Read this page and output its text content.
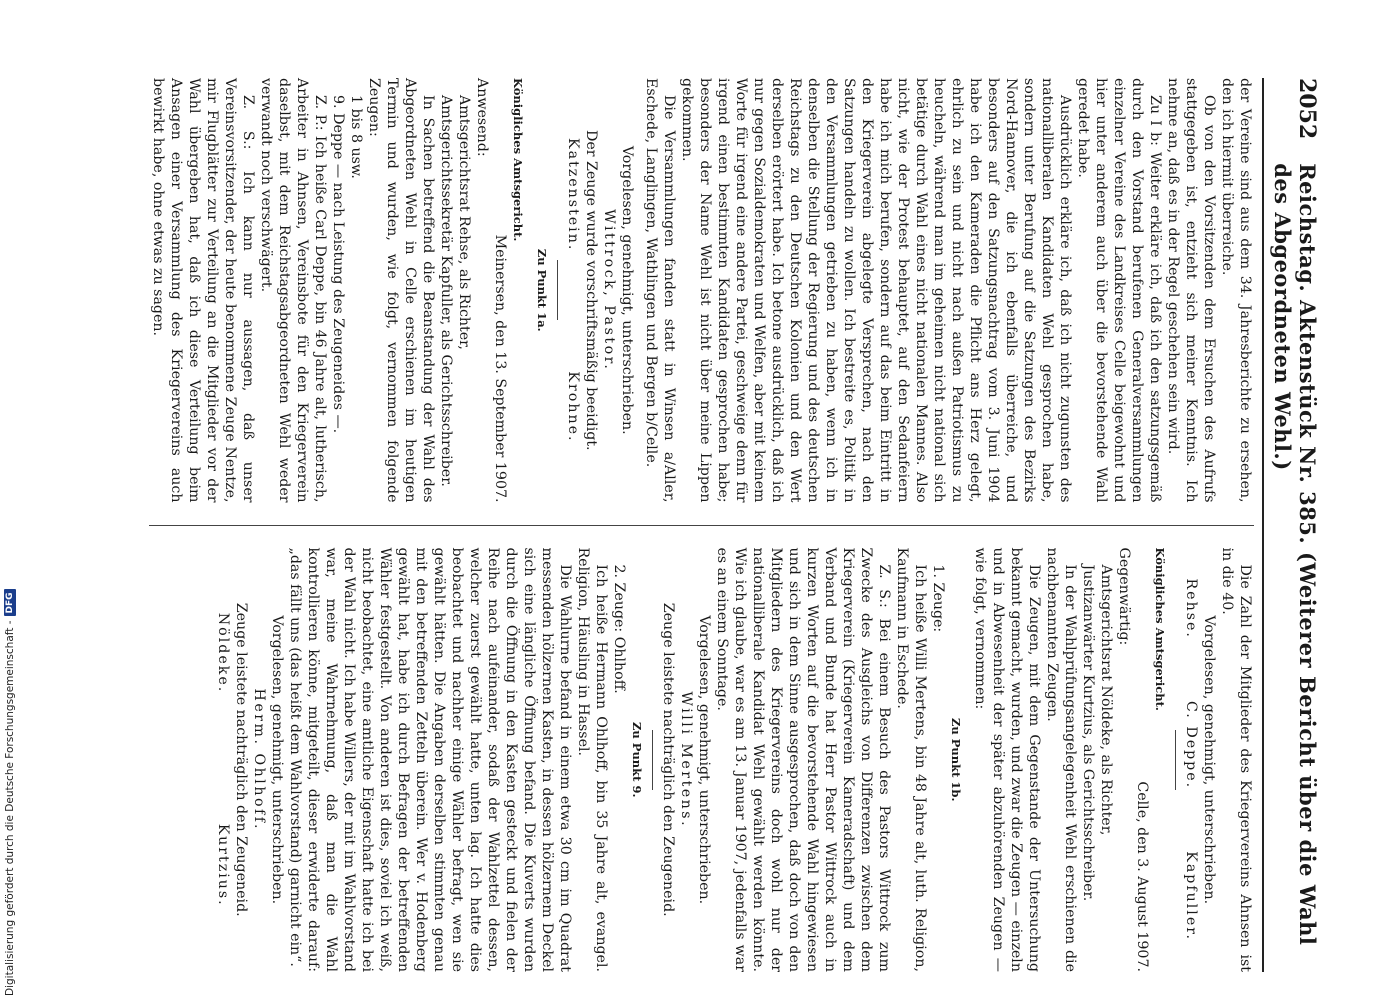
2052
Reichstag. Aktenstück Nr. 385. (Weiterer Bericht über die Wahl des Abgeordneten Wehl.)

der Vereine sind aus dem 34. Jahresberichte zu ersehen, den ich hiermit überreiche.

Ob von den Vorsitzenden dem Ersuchen des Aufrufs stattgegeben ist, entzieht sich meiner Kenntnis. Ich nehme an, daß es in der Regel geschehen sein wird.

Zu I b: Weiter erkläre ich, daß ich den satzungsgemäß durch den Vorstand berufenen Generalversammlungen einzelner Vereine des Landkreises Celle beigewohnt und hier unter anderem auch über die bevorstehende Wahl geredet habe.

Ausdrücklich erkläre ich, daß ich nicht zugunsten des nationalliberalen Kandidaten Wehl gesprochen habe, sondern unter Berufung auf die Satzungen des Bezirks Nord-Hannover, die ich ebenfalls überreiche, und besonders auf den Satzungsnachtrag vom 3. Juni 1904 habe ich den Kameraden die Pflicht ans Herz gelegt, ehrlich zu sein und nicht nach außen Patriotismus zu heucheln, während man im geheimen nicht national sich betätige durch Wahl eines nicht nationalen Mannes. Also nicht, wie der Protest behauptet, auf den Sedanfeiern habe ich mich berufen, sondern auf das beim Eintritt in den Kriegerverein abgelegte Versprechen, nach den Satzungen handeln zu wollen. Ich bestreite es, Politik in den Versammlungen getrieben zu haben, wenn ich in denselben die Stellung der Regierung und des deutschen Reichstags zu den Deutschen Kolonien und den Wert derselben erörtert habe. Ich betone ausdrücklich, daß ich nur gegen Sozialdemokraten und Welfen, aber mit keinem Worte für irgend eine andere Partei, geschweige denn für irgend einen bestimmten Kandidaten gesprochen habe; besonders der Name Wehl ist nicht über meine Lippen gekommen.

Die Versammlungen fanden statt in Winsen a/Aller, Eschede, Langlingen, Wathlingen und Bergen b/Celle.

Vorgelesen, genehmigt, unterschrieben.

Wittrock, Pastor.

Der Zeuge wurde vorschriftsmäßig beeidigt.

Katzenstein.
Krohne.

Zu Punkt 1a.

Königliches Amtsgericht.

Meinersen, den 13. September 1907.

Anwesend:

Amtsgerichtsrat Rehse, als Richter,

Amtsgerichtssekretär Kapfuller, als Gerichtsschreiber.

In Sachen betreffend die Beanstandung der Wahl des Abgeordneten Wehl in Celle erschienen im heutigen Termin und wurden, wie folgt, vernommen folgende Zeugen:

1 bis 8 usw.

9. Deppe — nach Leistung des Zeugeneides —.

Z. P.: Ich heiße Carl Deppe, bin 46 Jahre alt, lutherisch, Arbeiter in Ahnsen, Vereinsbote für den Kriegerverein daselbst, mit dem Reichstagsabgeordneten Wehl weder verwandt noch verschwägert.

Z. S.: Ich kann nur aussagen, daß unser Vereinsvorsitzender, der heute benommene Zeuge Nentze, mir Flugblätter zur Verteilung an die Mitglieder vor der Wahl übergeben hat, daß ich diese Verteilung beim Ansagen einer Versammlung des Kriegervereins auch bewirkt habe, ohne etwas zu sagen.

Die Zahl der Mitglieder des Kriegervereins Ahnsen ist in die 40.

Vorgelesen, genehmigt, unterschrieben.

Rehse.
C. Deppe.
Kapfuller.

Königliches Amtsgericht.

Celle, den 3. August 1907.

Gegenwärtig:

Amtsgerichtsrat Nöldeke, als Richter,

Justizanwärter Kurtzius, als Gerichtsschreiber.

In der Wahlprüfungsangelegenheit Wehl erschienen die nachbenannten Zeugen.

Die Zeugen, mit dem Gegenstande der Untersuchung bekannt gemacht, wurden, und zwar die Zeugen — einzeln und in Abwesenheit der später abzuhörenden Zeugen — wie folgt, vernommen:

Zu Punkt 1b.

1. Zeuge:

Ich heiße Willi Mertens, bin 48 Jahre alt, luth. Religion, Kaufmann in Eschede.

Z. S.: Bei einem Besuch des Pastors Wittrock zum Zwecke des Ausgleichs von Differenzen zwischen dem Kriegerverein (Kriegerverein Kameradschaft) und dem Verband und Bunde hat Herr Pastor Wittrock auch in kurzen Worten auf die bevorstehende Wahl hingewiesen und sich in dem Sinne ausgesprochen, daß doch von den Mitgliedern des Kriegervereins doch wohl nur der nationalliberale Kandidat Wehl gewählt werden könnte. Wie ich glaube, war es am 13. Januar 1907, jedenfalls war es an einem Sonntage.

Vorgelesen, genehmigt, unterschrieben.

Willi Mertens.

Zeuge leistete nachträglich den Zeugeneid.

Zu Punkt 9.

2. Zeuge: Ohlhoff.

Ich heiße Hermann Ohlhoff, bin 35 Jahre alt, evangel. Religion, Häusling in Hassel.

Die Wahlurne befand in einem etwa 30 cm im Quadrat messenden hölzernen Kasten, in dessen hölzernem Deckel sich eine längliche Öffnung befand. Die Kuverts wurden durch die Öffnung in den Kasten gesteckt und fielen der Reihe nach aufeinander, sodaß der Wahlzettel dessen, welcher zuerst gewählt hatte, unten lag. Ich hatte dies beobachtet und nachher einige Wähler befragt, wen sie gewählt hätten. Die Angaben derselben stimmten genau mit den betreffenden Zetteln überein. Wer v. Hodenberg gewählt hat, habe ich durch Befragen der betreffenden Wähler festgestellt. Von anderen ist dies, soviel ich weiß, nicht beobachtet, eine amtliche Eigenschaft hatte ich bei der Wahl nicht. Ich habe Willers, der mit im Wahlvorstand war, meine Wahrnehmung, daß man die Wahl kontrollieren könne, mitgeteilt, dieser erwiderte darauf: „das fällt uns (das heißt dem Wahlvorstand) garnicht ein“.

Vorgelesen, genehmigt, unterschrieben.

Herm. Ohlhoff.

Zeuge leistete nachträglich den Zeugeneid.

Nöldeke.
Kurtzius.
Digitalisierung gefördert durch die Deutsche Forschungsgemeinschaft -
DFG
